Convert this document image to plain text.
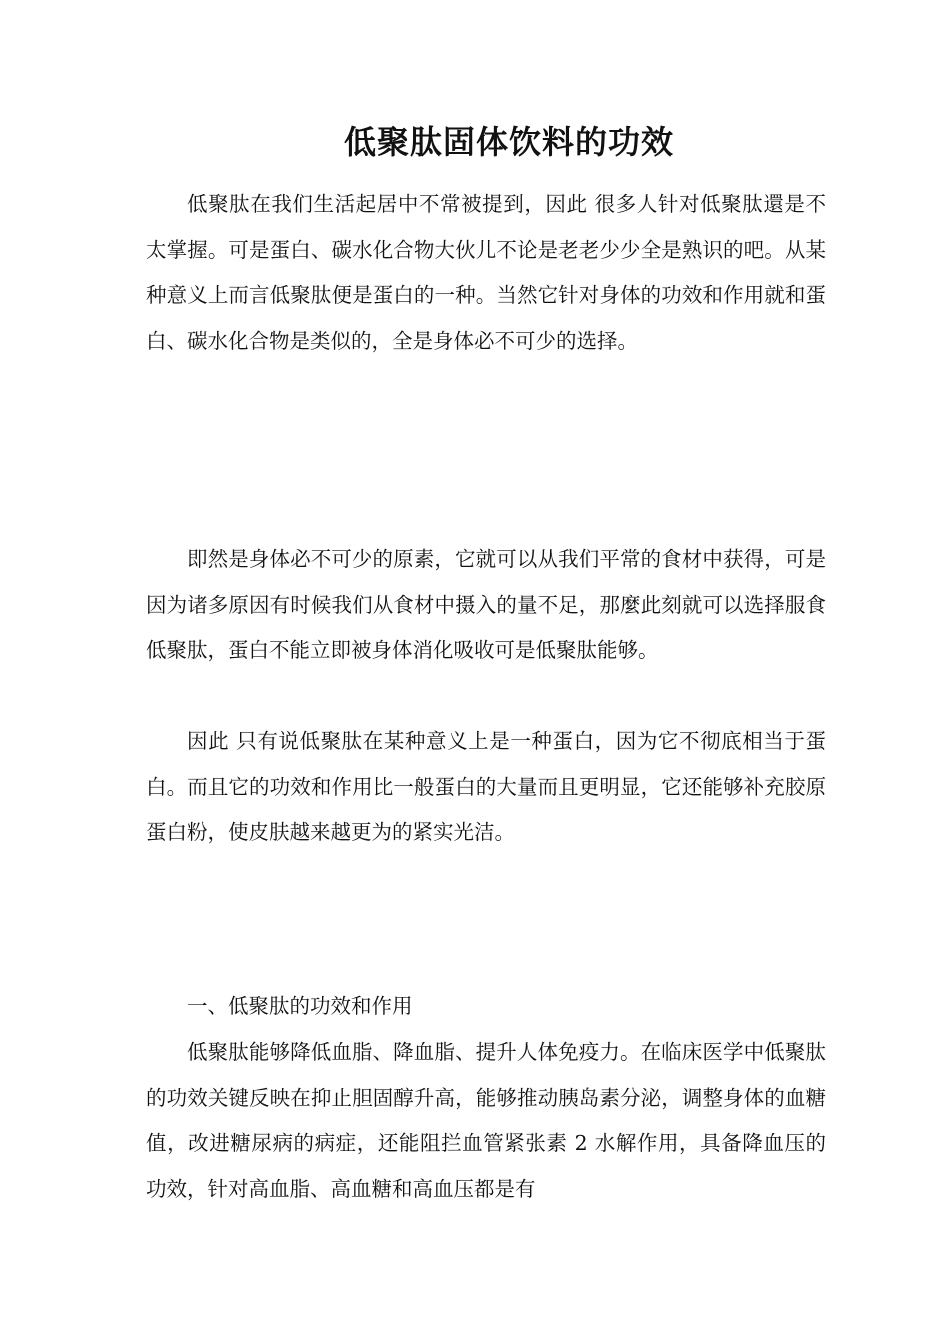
低聚肽固体饮料的功效

低聚肽在我们生活起居中不常被提到，因此 很多人针对低聚肽還是不太掌握。可是蛋白、碳水化合物大伙儿不论是老老少少全是熟识的吧。从某种意义上而言低聚肽便是蛋白的一种。当然它针对身体的功效和作用就和蛋白、碳水化合物是类似的，全是身体必不可少的选择。

即然是身体必不可少的原素，它就可以从我们平常的食材中获得，可是因为诸多原因有时候我们从食材中摄入的量不足，那麼此刻就可以选择服食低聚肽，蛋白不能立即被身体消化吸收可是低聚肽能够。

因此 只有说低聚肽在某种意义上是一种蛋白，因为它不彻底相当于蛋白。而且它的功效和作用比一般蛋白的大量而且更明显，它还能够补充胶原蛋白粉，使皮肤越来越更为的紧实光洁。

一、低聚肽的功效和作用

低聚肽能够降低血脂、降血脂、提升人体免疫力。在临床医学中低聚肽的功效关键反映在抑止胆固醇升高，能够推动胰岛素分泌，调整身体的血糖值，改进糖尿病的病症，还能阻拦血管紧张素 2 水解作用，具备降血压的功效，针对高血脂、高血糖和高血压都是有
